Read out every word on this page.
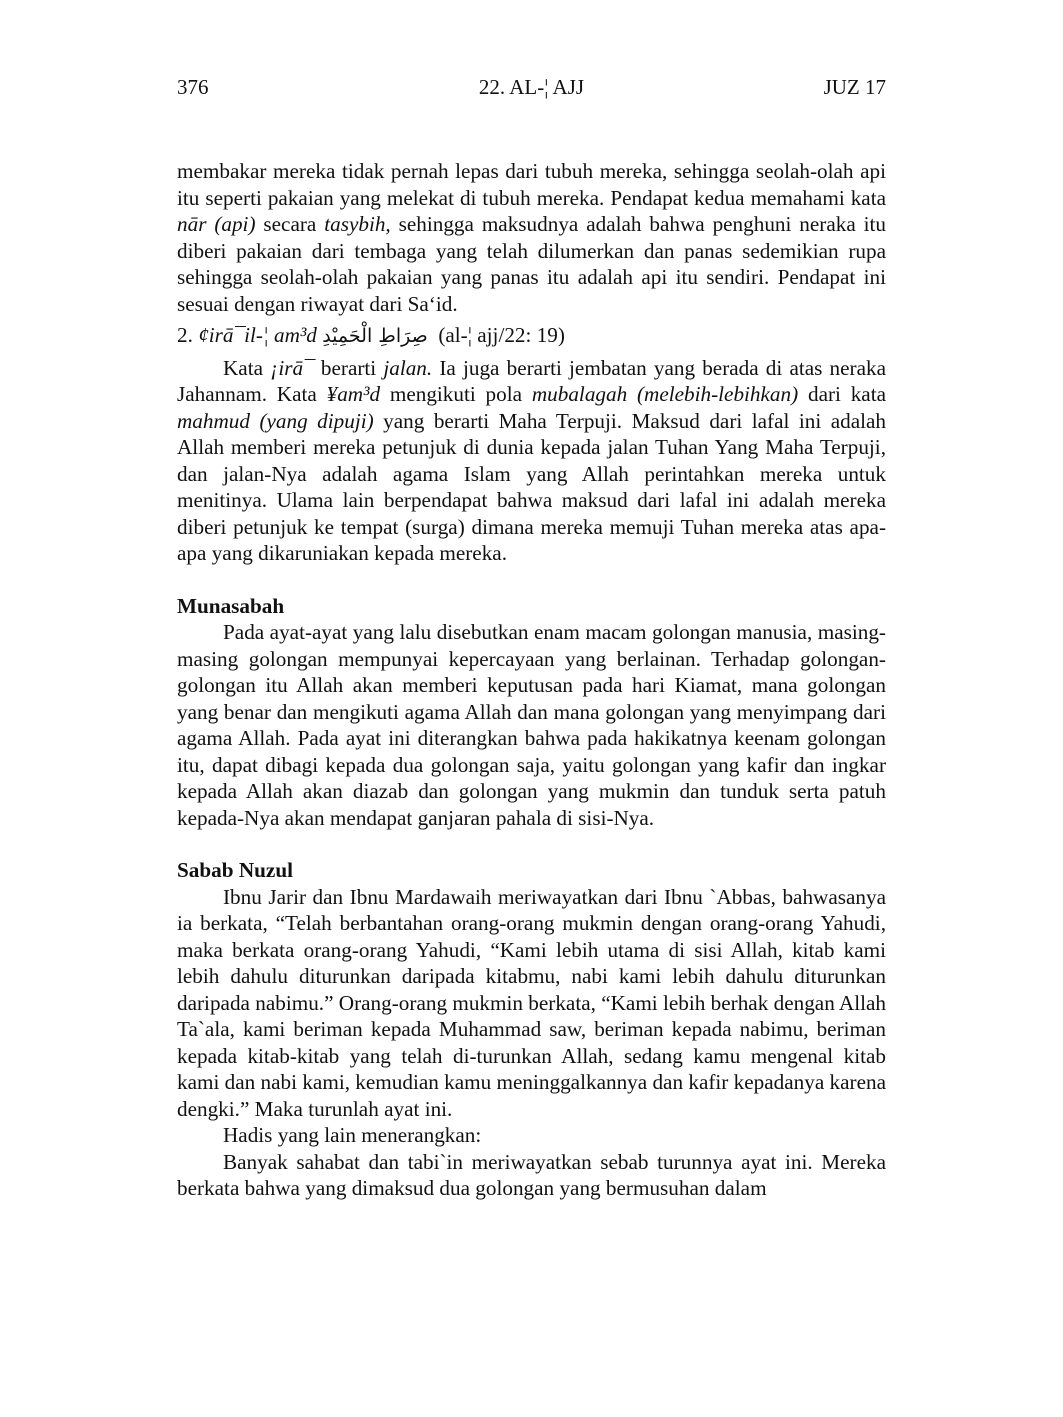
376	22. AL-¦ AJJ	JUZ 17

membakar mereka tidak pernah lepas dari tubuh mereka, sehingga seolah-olah api itu seperti pakaian yang melekat di tubuh mereka. Pendapat kedua memahami kata nār (api) secara tasybih, sehingga maksudnya adalah bahwa penghuni neraka itu diberi pakaian dari tembaga yang telah dilumerkan dan panas sedemikian rupa sehingga seolah-olah pakaian yang panas itu adalah api itu sendiri. Pendapat ini sesuai dengan riwayat dari Sa‘id.

2. ¢irā¯il-¦ am³d صِرَاطِ الْحَمِيْدِ (al-¦ ajj/22: 19)

Kata ¡irā¯ berarti jalan. Ia juga berarti jembatan yang berada di atas neraka Jahannam. Kata ¥am³d mengikuti pola mubalagah (melebih-lebihkan) dari kata mahmud (yang dipuji) yang berarti Maha Terpuji. Maksud dari lafal ini adalah Allah memberi mereka petunjuk di dunia kepada jalan Tuhan Yang Maha Terpuji, dan jalan-Nya adalah agama Islam yang Allah perintahkan mereka untuk menitinya. Ulama lain berpendapat bahwa maksud dari lafal ini adalah mereka diberi petunjuk ke tempat (surga) dimana mereka memuji Tuhan mereka atas apa-apa yang dikaruniakan kepada mereka.

Munasabah

Pada ayat-ayat yang lalu disebutkan enam macam golongan manusia, masing-masing golongan mempunyai kepercayaan yang berlainan. Terhadap golongan-golongan itu Allah akan memberi keputusan pada hari Kiamat, mana golongan yang benar dan mengikuti agama Allah dan mana golongan yang menyimpang dari agama Allah. Pada ayat ini diterangkan bahwa pada hakikatnya keenam golongan itu, dapat dibagi kepada dua golongan saja, yaitu golongan yang kafir dan ingkar kepada Allah akan diazab dan golongan yang mukmin dan tunduk serta patuh kepada-Nya akan mendapat ganjaran pahala di sisi-Nya.

Sabab Nuzul

Ibnu Jarir dan Ibnu Mardawaih meriwayatkan dari Ibnu `Abbas, bahwasanya ia berkata, “Telah berbantahan orang-orang mukmin dengan orang-orang Yahudi, maka berkata orang-orang Yahudi, “Kami lebih utama di sisi Allah, kitab kami lebih dahulu diturunkan daripada kitabmu, nabi kami lebih dahulu diturunkan daripada nabimu.” Orang-orang mukmin berkata, “Kami lebih berhak dengan Allah Ta`ala, kami beriman kepada Muhammad saw, beriman kepada nabimu, beriman kepada kitab-kitab yang telah di-turunkan Allah, sedang kamu mengenal kitab kami dan nabi kami, kemudian kamu meninggalkannya dan kafir kepadanya karena dengki.” Maka turunlah ayat ini.

Hadis yang lain menerangkan:

Banyak sahabat dan tabi`in meriwayatkan sebab turunnya ayat ini. Mereka berkata bahwa yang dimaksud dua golongan yang bermusuhan dalam
